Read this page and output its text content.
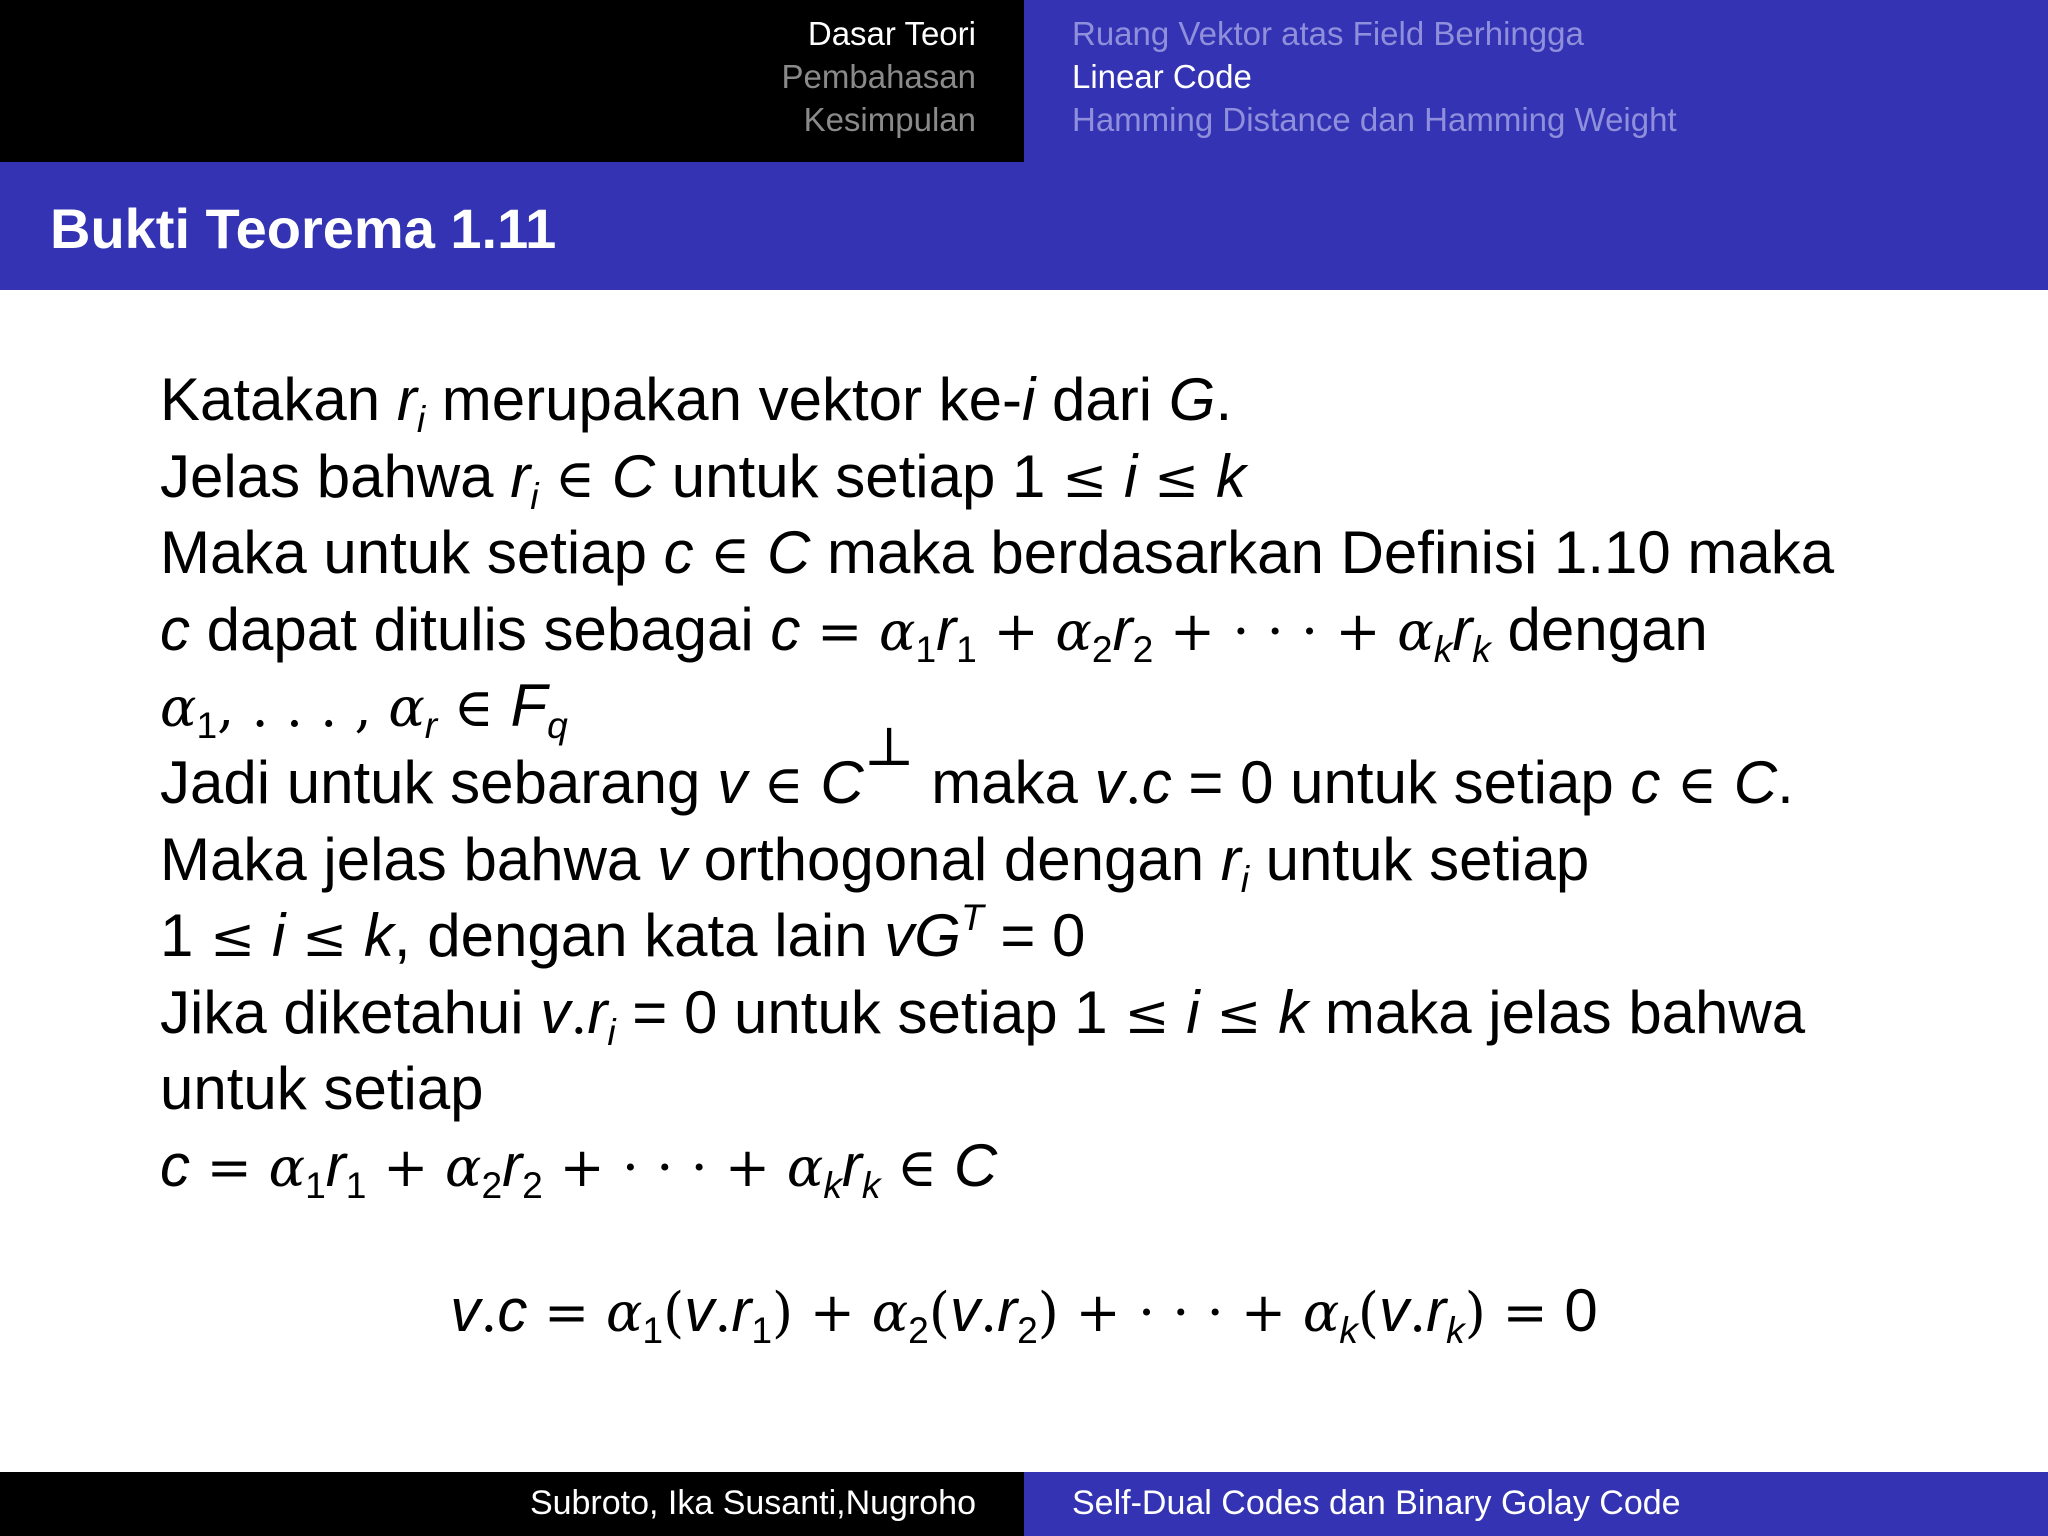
Dasar Teori
Pembahasan
Kesimpulan
Ruang Vektor atas Field Berhingga
Linear Code
Hamming Distance dan Hamming Weight
Bukti Teorema 1.11
Katakan $r_i$ merupakan vektor ke-i dari G.
Jelas bahwa $r_i$ ∈ C untuk setiap 1 ≤ i ≤ k
Maka untuk setiap c ∈ C maka berdasarkan Definisi 1.10 maka
c dapat ditulis sebagai $c = \alpha_1r_1 + \alpha_2r_2$ + · · · + $\alpha_kr_k$ dengan
$\alpha_1$, . . . , $\alpha_r$ ∈ $F_q$
Jadi untuk sebarang v ∈ C⊥ maka v.c = 0 untuk setiap c ∈ C.
Maka jelas bahwa v orthogonal dengan $r_i$ untuk setiap
1 ≤ i ≤ k, dengan kata lain $vG^T = 0$
Jika diketahui $v.r_i = 0$ untuk setiap 1 ≤ i ≤ k maka jelas bahwa
untuk setiap
$c = \alpha_1r_1 + \alpha_2r_2$ + · · · + $\alpha_kr_k$ ∈ C
$v.c = \alpha_1(v.r_1) + \alpha_2(v.r_2)$ + · · · + $\alpha_k(v.r_k) = 0$
Subroto, Ika Susanti,Nugroho	Self-Dual Codes dan Binary Golay Code
